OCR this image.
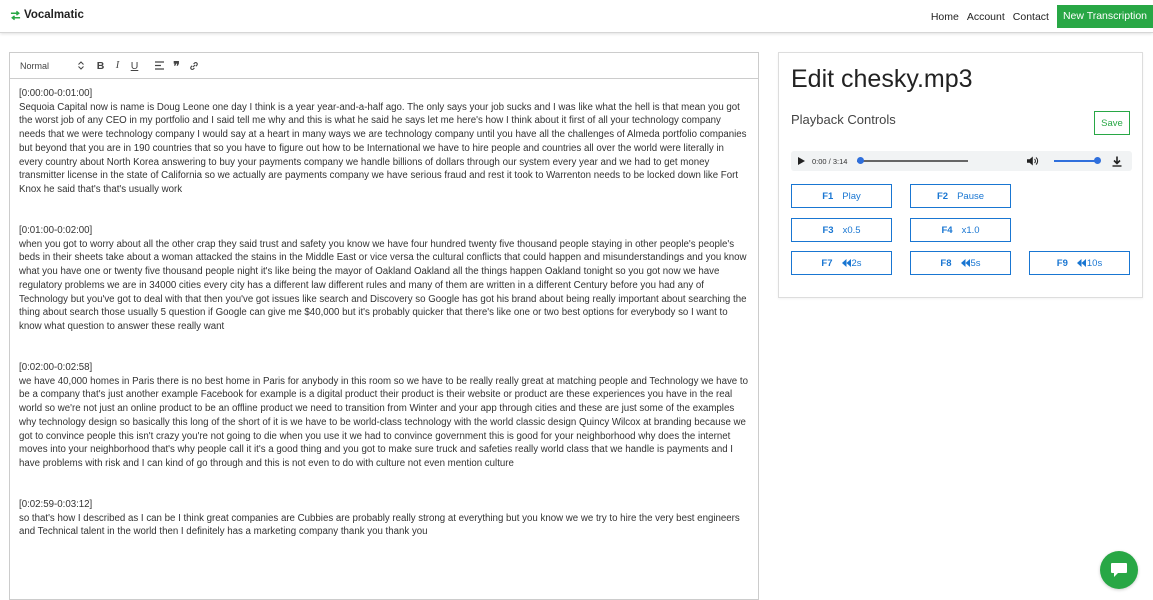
Vocalmatic	Home Account Contact	New Transcription
Normal	B I U	❞
[0:00:00-0:01:00]
Sequoia Capital now is name is Doug Leone one day I think is a year year-and-a-half ago. The only says your job sucks and I was like what the hell is that mean you got the worst job of any CEO in my portfolio and I said tell me why and this is what he said he says let me here's how I think about it first of all your technology company needs that we were technology company I would say at a heart in many ways we are technology company until you have all the challenges of Almeda portfolio companies but beyond that you are in 190 countries that so you have to figure out how to be International we have to hire people and countries all over the world were literally in every country about North Korea answering to buy your payments company we handle billions of dollars through our system every year and we had to get money transmitter license in the state of California so we actually are payments company we have serious fraud and rest it took to Warrenton needs to be locked down like Fort Knox he said that's that's usually work
[0:01:00-0:02:00]
when you got to worry about all the other crap they said trust and safety you know we have four hundred twenty five thousand people staying in other people's people's beds in their sheets take about a woman attacked the stains in the Middle East or vice versa the cultural conflicts that could happen and misunderstandings and you know what you have one or twenty five thousand people night it's like being the mayor of Oakland Oakland all the things happen Oakland tonight so you got now we have regulatory problems we are in 34000 cities every city has a different law different rules and many of them are written in a different Century before you had any of Technology but you've got to deal with that then you've got issues like search and Discovery so Google has got his brand about being really important about searching the thing about search those usually 5 question if Google can give me $40,000 but it's probably quicker that there's like one or two best options for everybody so I want to know what question to answer these really want
[0:02:00-0:02:58]
we have 40,000 homes in Paris there is no best home in Paris for anybody in this room so we have to be really really great at matching people and Technology we have to be a company that's just another example Facebook for example is a digital product their product is their website or product are these experiences you have in the real world so we're not just an online product to be an offline product we need to transition from Winter and your app through cities and these are just some of the examples why technology design so basically this long of the short of it is we have to be world-class technology with the world classic design Quincy Wilcox at branding because we got to convince people this isn't crazy you're not going to die when you use it we had to convince government this is good for your neighborhood why does the internet moves into your neighborhood that's why people call it it's a good thing and you got to make sure truck and safeties really world class that we handle is payments and I have problems with risk and I can kind of go through and this is not even to do with culture not even mention culture
[0:02:59-0:03:12]
so that's how I described as I can be I think great companies are Cubbies are probably really strong at everything but you know we we try to hire the very best engineers and Technical talent in the world then I definitely has a marketing company thank you thank you
Edit chesky.mp3
Playback Controls	Save
0:00 / 3:14
F1 Play	F2 Pause
F3 x0.5	F4 x1.0
F7 2s	F8 5s	F9 10s
